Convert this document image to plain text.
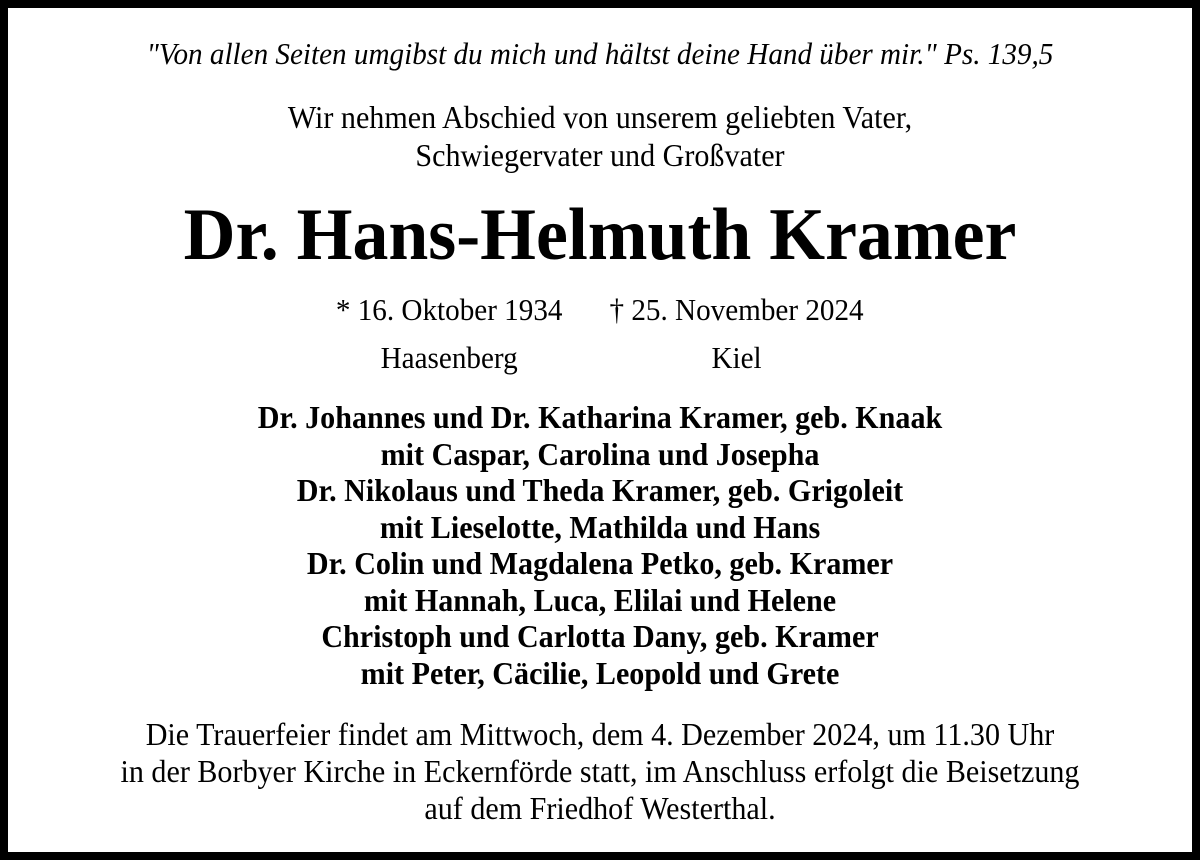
"Von allen Seiten umgibst du mich und hältst deine Hand über mir." Ps. 139,5
Wir nehmen Abschied von unserem geliebten Vater,
Schwiegervater und Großvater
Dr. Hans-Helmuth Kramer
* 16. Oktober 1934 † 25. November 2024
Haasenberg	Kiel
Dr. Johannes und Dr. Katharina Kramer, geb. Knaak
mit Caspar, Carolina und Josepha
Dr. Nikolaus und Theda Kramer, geb. Grigoleit
mit Lieselotte, Mathilda und Hans
Dr. Colin und Magdalena Petko, geb. Kramer
mit Hannah, Luca, Elilai und Helene
Christoph und Carlotta Dany, geb. Kramer
mit Peter, Cäcilie, Leopold und Grete
Die Trauerfeier findet am Mittwoch, dem 4. Dezember 2024, um 11.30 Uhr
in der Borbyer Kirche in Eckernförde statt, im Anschluss erfolgt die Beisetzung
auf dem Friedhof Westerthal.
